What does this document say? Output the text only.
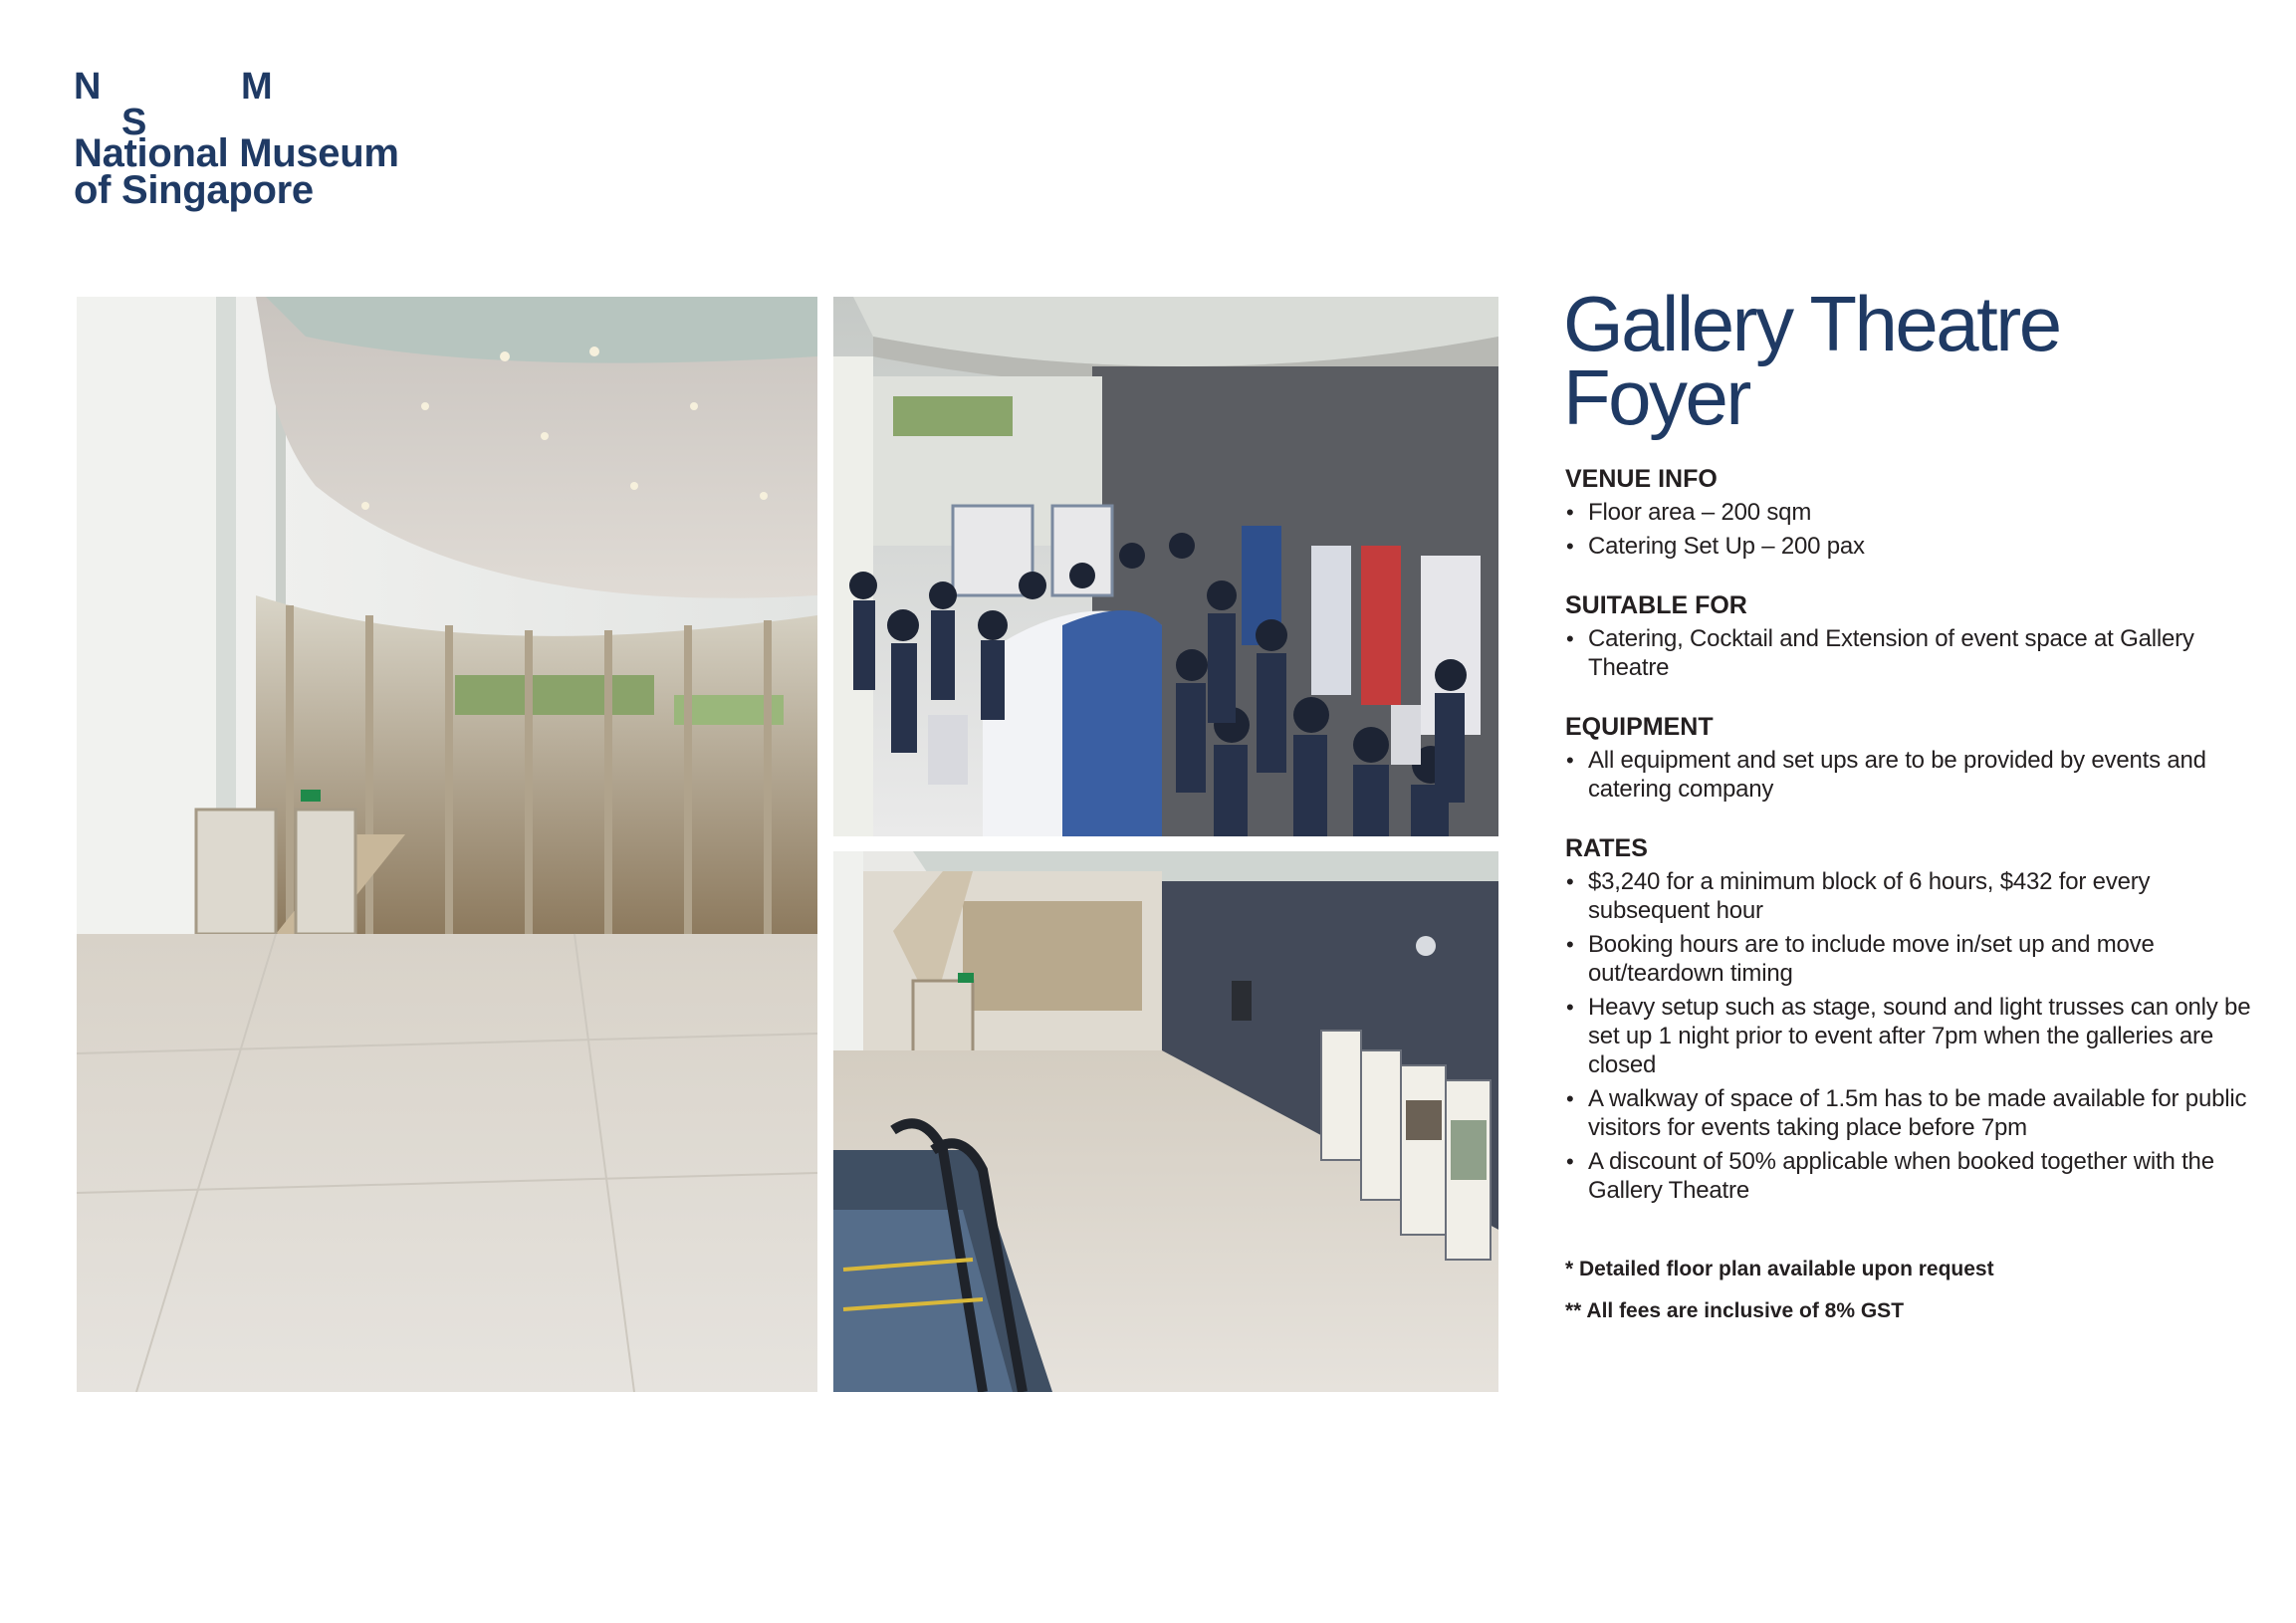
N
S
M
National Museum
of Singapore
Gallery Theatre
Foyer
VENUE INFO
• Floor area – 200 sqm
• Catering Set Up – 200 pax
SUITABLE FOR
• Catering, Cocktail and Extension of event space at Gallery Theatre
EQUIPMENT
• All equipment and set ups are to be provided by events and catering company
RATES
• $3,240 for a minimum block of 6 hours, $432 for every subsequent hour
• Booking hours are to include move in/set up and move out/teardown timing
• Heavy setup such as stage, sound and light trusses can only be set up 1 night prior to event after 7pm when the galleries are closed
• A walkway of space of 1.5m has to be made available for public visitors for events taking place before 7pm
• A discount of 50% applicable when booked together with the Gallery Theatre
* Detailed floor plan available upon request
** All fees are inclusive of 8% GST
